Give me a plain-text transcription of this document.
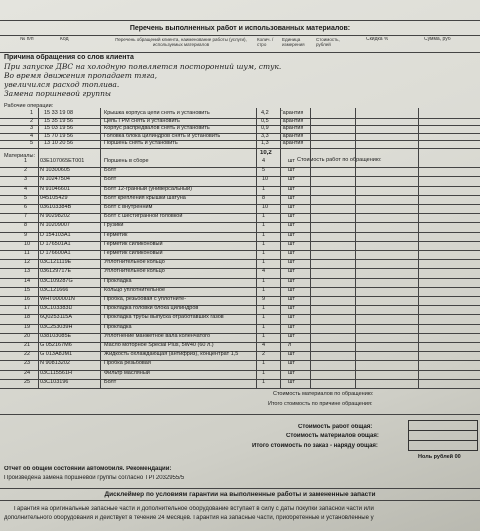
Перечень выполненных работ и использованных материалов:
№ п/п	Код	Перечень обращений клиента, наименование работы (услуги), используемых материалов
Колич. /стро
Единица измерения
Стоимость, рублей
Скидка %	Сумма, руб
Причина обращения со слов клиента
Рабочие операции:
Материалы:
Стоимость работ по обращению:
10,2
Стоимость материалов по обращению:
Итого стоимость по причине обращения:
Стоимость работ общая:
Стоимость материалов общая:
Итого стоимость по заказ - наряду общая:
Ноль рублей 00
Отчет об общем состоянии автомобиля. Рекомендации:
Произведена замена поршневой группы согласно ТРI 2032955/5
Дисклеймер по условиям гарантии на выполненные работы и замененные запасти
Гарантия на оригинальные запасные части и дополнительное оборудование вступает в силу с даты покупки запасной части или
дополнительного оборудования и действует в течение 24 месяцев. Гарантия на запасные части, приобретенные и установленные у
При запуске ДВС на холодную появляется посторонний шум, стук.
Во время движения пропадает тяга,
увеличился расход топлива.
Замена поршневой группы
1 15 33 19 08	Крышка корпуса цепи снять и установить	4,2 Гарантия
2 15 35 19 56	Цепь ГРМ снять и установить	0,5 Гарантия
3 15 03 19 56	Корпус распредвалов снять и установить	0,9 Гарантия
4 15 70 19 56	Головка блока цилиндров снять и установить	3,3 Гарантия
5 13 10 20 56	Поршень снять и установить	1,3 Гарантия
1 03E107065ET001	Поршень в сборе	4	шт
2 N 10300605	Болт	5	шт
3 N 10247504	Болт	10	шт
4 N 91046601	Болт 12-гранный (универсальный)	1	шт
5 045105429	Болт крепления крышки шатуна	8	шт
6 036103384B	Болт с внутренним	10	шт
7 N 90298202	Болт с шестигранной головкой	1	шт
8 N 10209007	Грузики	1	шт
9 D 154103A1	Герметик	1	шт
10 D 176501A1	Герметик силиконовый	1	шт
11 D 176600A1	Герметик силиконовый	1	шт
12 03C121119E	Уплотнительное кольцо	1	шт
13 036129717E	Уплотнительное кольцо	4	шт
14 03C109287G	Прокладка	1	шт
15 03C121666	Кольцо уплотнительное	1	шт
16 WHT000001N	Пробка, резьбовая с уплотните-	9	шт
17 03C103383D	Прокладка головки блока цилиндров	1	шт
18 6Q0253115A	Прокладка трубы выпуска отработавших газов	1	шт
19 03C253039H	Прокладка	1	шт
20 038103085E	Уплотнение манжетное вала коленчатого	1	шт
21 G 052167M6	Масло моторное Special Plus, 5W40 (60 л.)	4	л
22 G 013A8JM1	Жидкость охлаждающая (антифриз), концентрат 1,5	2	шт
23 N 90813202	Пробка резьбовая	1	шт
24 03C115561H	Фильтр масляный	1	шт
25 03C103196	Болт	1	шт
